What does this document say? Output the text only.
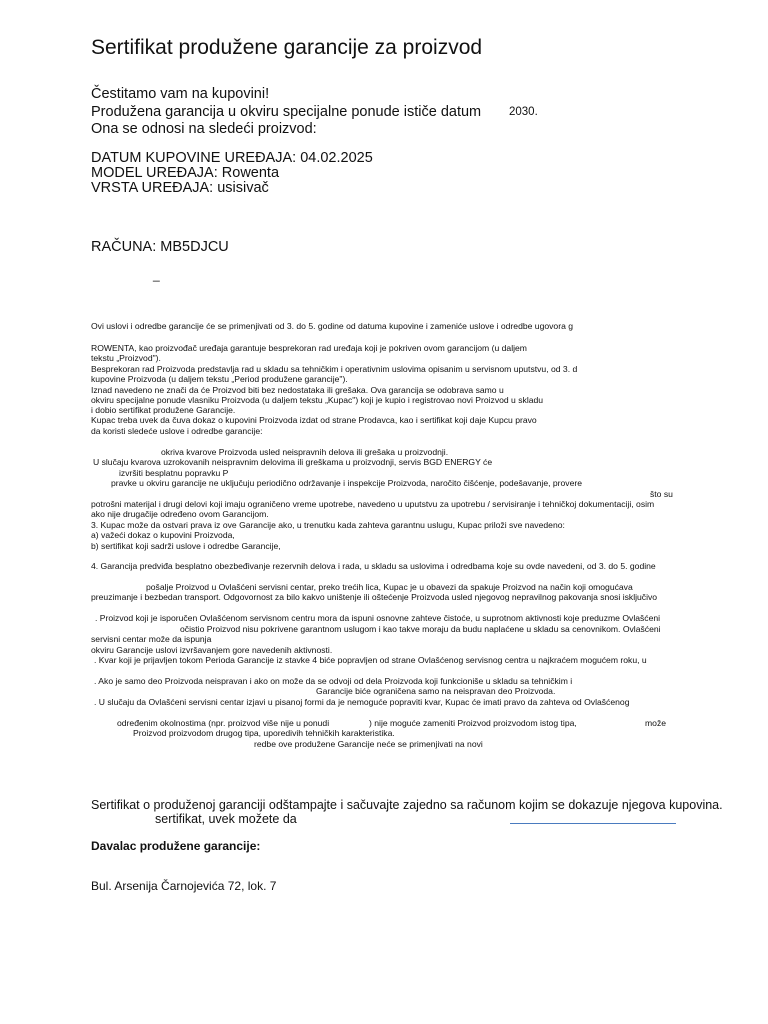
Sertifikat produžene garancije za proizvod
Čestitamo vam na kupovini!
Produžena garancija u okviru specijalne ponude ističe datum 2030.
Ona se odnosi na sledeći proizvod:
DATUM KUPOVINE UREĐAJA: 04.02.2025
MODEL UREĐAJA: Rowenta
VRSTA UREĐAJA: usisivač
RAČUNA: MB5DJCU
_
Ovi uslovi i odredbe garancije će se primenjivati od 3. do 5. godine od datuma kupovine i zameniće uslove i odredbe ugovora g
ROWENTA, kao proizvođač uređaja garantuje besprekoran rad uređaja koji je pokriven ovom garancijom (u daljem
tekstu „Proizvod").
Besprekoran rad Proizvoda predstavlja rad u skladu sa tehničkim i operativnim uslovima opisanim u servisnom uputstvu, od 3. d
kupovine Proizvoda (u daljem tekstu „Period produžene garancije").
Iznad navedeno ne znači da će Proizvod biti bez nedostataka ili grešaka. Ova garancija se odobrava samo u
okviru specijalne ponude vlasniku Proizvoda (u daljem tekstu „Kupac") koji je kupio i registrovao novi Proizvod u skladu
i dobio sertifikat produžene Garancije.
Kupac treba uvek da čuva dokaz o kupovini Proizvoda izdat od strane Prodavca, kao i sertifikat koji daje Kupcu pravo
da koristi sledeće uslove i odredbe garancije:
okriva kvarove Proizvoda usled neispravnih delova ili grešaka u proizvodnji.
U slučaju kvarova uzrokovanih neispravnim delovima ili greškama u proizvodnji, servis BGD ENERGY će
izvršiti besplatnu popravku P
pravke u okviru garancije ne uključuju periodično održavanje i inspekcije Proizvoda, naročito čišćenje, podešavanje, provere
što su
potrošni materijal i drugi delovi koji imaju ograničeno vreme upotrebe, navedeno u uputstvu za upotrebu / servisiranje i tehničkoj dokumentaciji, osim
ako nije drugačije određeno ovom Garancijom.
3. Kupac može da ostvari prava iz ove Garancije ako, u trenutku kada zahteva garantnu uslugu, Kupac priloži sve navedeno:
a) važeći dokaz o kupovini Proizvoda,
b) sertifikat koji sadrži uslove i odredbe Garancije,
4. Garancija predviđa besplatno obezbeđivanje rezervnih delova i rada, u skladu sa uslovima i odredbama koje su ovde navedeni, od 3. do 5. godine
pošalje Proizvod u Ovlašćeni servisni centar, preko trećih lica, Kupac je u obavezi da spakuje Proizvod na način koji omogućava
preuzimanje i bezbedan transport. Odgovornost za bilo kakvo uništenje ili oštećenje Proizvoda usled njegovog nepravilnog pakovanja snosi isključivo
. Proizvod koji je isporučen Ovlašćenom servisnom centru mora da ispuni osnovne zahteve čistoće, u suprotnom aktivnosti koje preduzme Ovlašćeni
očistio Proizvod nisu pokrivene garantnom uslugom i kao takve moraju da budu naplaćene u skladu sa cenovnikom. Ovlašćeni
servisni centar može da ispunja
okviru Garancije uslovi izvršavanjem gore navedenih aktivnosti.
. Kvar koji je prijavljen tokom Perioda Garancije iz stavke 4 biće popravljen od strane Ovlašćenog servisnog centra u najkraćem mogućem roku, u
. Ako je samo deo Proizvoda neispravan i ako on može da se odvoji od dela Proizvoda koji funkcioniše u skladu sa tehničkim i
Garancije biće ograničena samo na neispravan deo Proizvoda.
. U slučaju da Ovlašćeni servisni centar izjavi u pisanoj formi da je nemoguće popraviti kvar, Kupac će imati pravo da zahteva od Ovlašćenog
određenim okolnostima (npr. proizvod više nije u ponudi	) nije moguće zameniti Proizvod proizvodom istog tipa,	može
Proizvod proizvodom drugog tipa, uporedivih tehničkih karakteristika.
redbe ove produžene Garancije neće se primenjivati na novi
Sertifikat o produženoj garanciji odštampajte i sačuvajte zajedno sa računom kojim se dokazuje njegova kupovina.
sertifikat, uvek možete da
Davalac produžene garancije:
Bul. Arsenija Čarnojevića 72, lok. 7
